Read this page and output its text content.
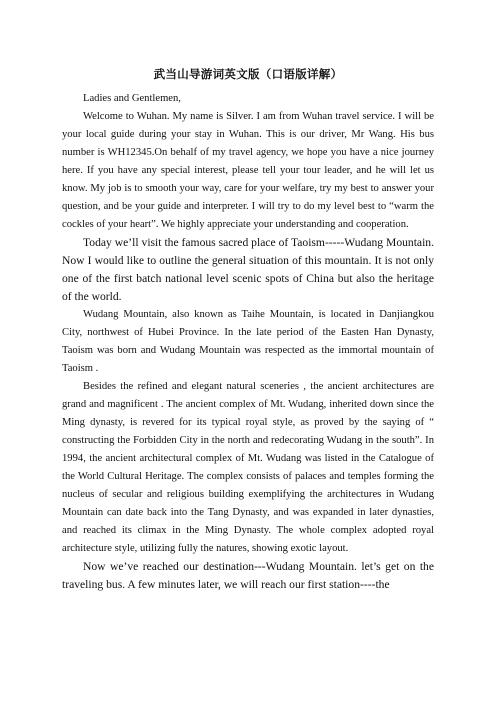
武当山导游词英文版（口语版详解）

Ladies and Gentlemen,

Welcome to Wuhan. My name is Silver. I am from Wuhan travel service. I will be your local guide during your stay in Wuhan. This is our driver, Mr Wang. His bus number is WH12345.On behalf of my travel agency, we hope you have a nice journey here. If you have any special interest, please tell your tour leader, and he will let us know. My job is to smooth your way, care for your welfare, try my best to answer your question, and be your guide and interpreter. I will try to do my level best to “warm the cockles of your heart”. We highly appreciate your understanding and cooperation.

Today we’ll visit the famous sacred place of Taoism-----Wudang Mountain. Now I would like to outline the general situation of this mountain. It is not only one of the first batch national level scenic spots of China but also the heritage of the world.

Wudang Mountain, also known as Taihe Mountain, is located in Danjiangkou City, northwest of Hubei Province. In the late period of the Easten Han Dynasty, Taoism was born and Wudang Mountain was respected as the immortal mountain of Taoism .

Besides the refined and elegant natural sceneries , the ancient architectures are grand and magnificent . The ancient complex of Mt. Wudang, inherited down since the Ming dynasty, is revered for its typical royal style, as proved by the saying of “ constructing the Forbidden City in the north and redecorating Wudang in the south”. In 1994, the ancient architectural complex of Mt. Wudang was listed in the Catalogue of the World Cultural Heritage. The complex consists of palaces and temples forming the nucleus of secular and religious building exemplifying the architectures in Wudang Mountain can date back into the Tang Dynasty, and was expanded in later dynasties, and reached its climax in the Ming Dynasty. The whole complex adopted royal architecture style, utilizing fully the natures, showing exotic layout.

Now we’ve reached our destination---Wudang Mountain. let’s get on the traveling bus. A few minutes later, we will reach our first station----the
